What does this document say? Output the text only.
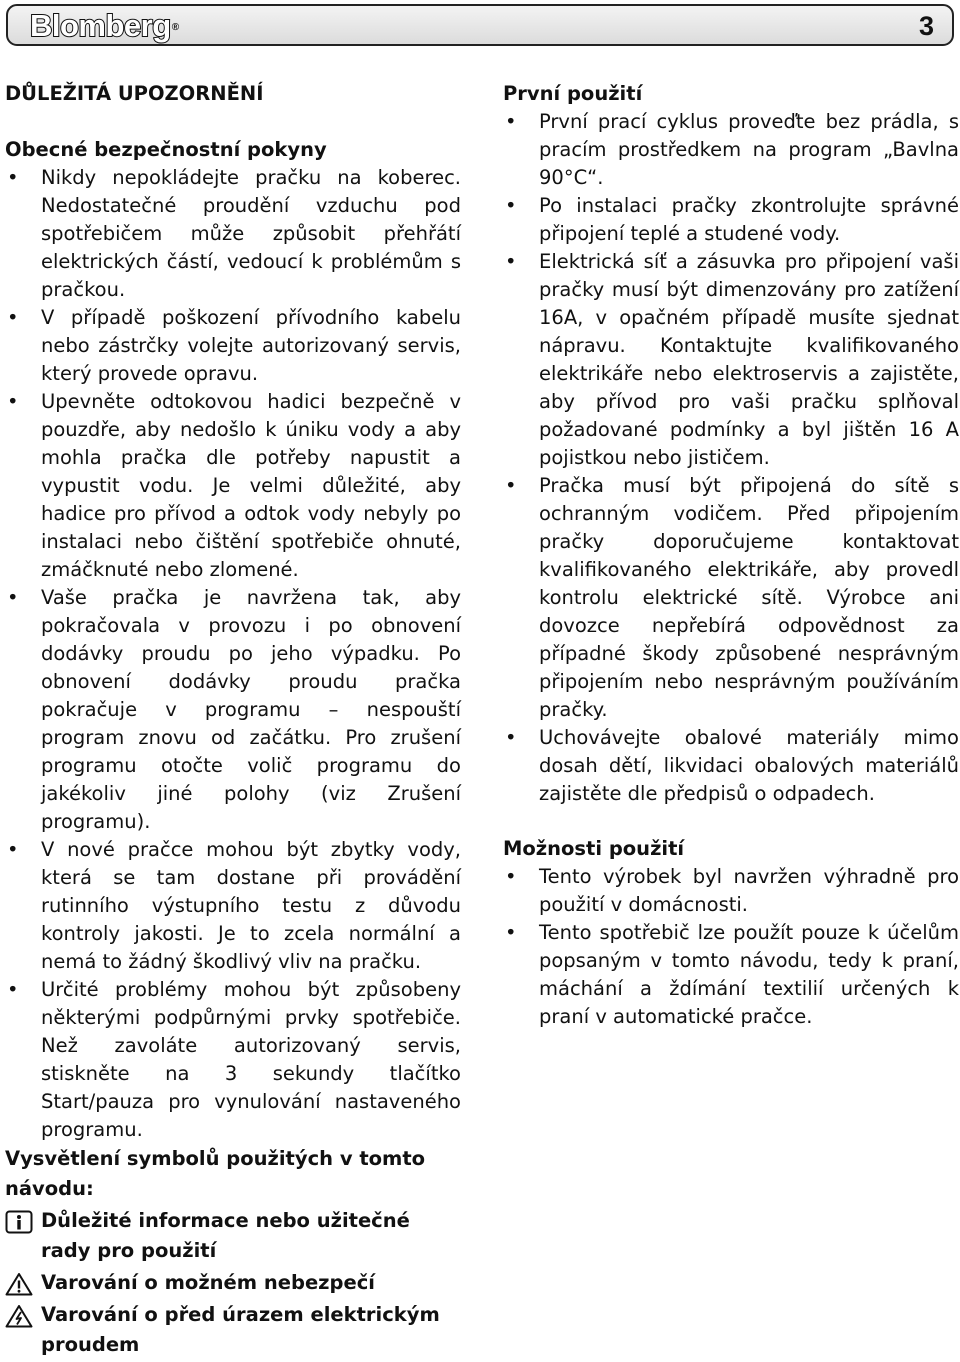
Blomberg®	3

DŮLEŽITÁ UPOZORNĚNÍ

Obecné bezpečnostní pokyny

• Nikdy nepokládejte pračku na koberec. Nedostatečné proudění vzduchu pod spotřebičem může způsobit přehřátí elektrických částí, vedoucí k problémům s pračkou.
• V případě poškození přívodního kabelu nebo zástrčky volejte autorizovaný servis, který provede opravu.
• Upevněte odtokovou hadici bezpečně v pouzdře, aby nedošlo k úniku vody a aby mohla pračka dle potřeby napustit a vypustit vodu. Je velmi důležité, aby hadice pro přívod a odtok vody nebyly po instalaci nebo čištění spotřebiče ohnuté, zmáčknuté nebo zlomené.
• Vaše pračka je navržena tak, aby pokračovala v provozu i po obnovení dodávky proudu po jeho výpadku. Po obnovení dodávky proudu pračka pokračuje v programu – nespouští program znovu od začátku. Pro zrušení programu otočte volič programu do jakékoliv jiné polohy (viz Zrušení programu).
• V nové pračce mohou být zbytky vody, která se tam dostane při provádění rutinního výstupního testu z důvodu kontroly jakosti. Je to zcela normální a nemá to žádný škodlivý vliv na pračku.
• Určité problémy mohou být způsobeny některými podpůrnými prvky spotřebiče. Než zavoláte autorizovaný servis, stiskněte na 3 sekundy tlačítko Start/pauza pro vynulování nastaveného programu.

První použití

• První prací cyklus proveďte bez prádla, s pracím prostředkem na program „Bavlna 90°C“.
• Po instalaci pračky zkontrolujte správné připojení teplé a studené vody.
• Elektrická síť a zásuvka pro připojení vaši pračky musí být dimenzovány pro zatížení 16A, v opačném případě musíte sjednat nápravu. Kontaktujte kvalifikovaného elektrikáře nebo elektroservis a zajistěte, aby přívod pro vaši pračku splňoval požadované podmínky a byl jištěn 16 A pojistkou nebo jističem.
• Pračka musí být připojená do sítě s ochranným vodičem. Před připojením pračky doporučujeme kontaktovat kvalifikovaného elektrikáře, aby provedl kontrolu elektrické sítě. Výrobce ani dovozce nepřebírá odpovědnost za případné škody způsobené nesprávným připojením nebo nesprávným používáním pračky.
• Uchovávejte obalové materiály mimo dosah dětí, likvidaci obalových materiálů zajistěte dle předpisů o odpadech.

Možnosti použití

• Tento výrobek byl navržen výhradně pro použití v domácnosti.
• Tento spotřebič lze použít pouze k účelům popsaným v tomto návodu, tedy k praní, máchání a ždímání textilií určených k praní v automatické pračce.

Vysvětlení symbolů použitých v tomto návodu:

Důležité informace nebo užitečné rady pro použití
Varování o možném nebezpečí
Varování o před úrazem elektrickým proudem
